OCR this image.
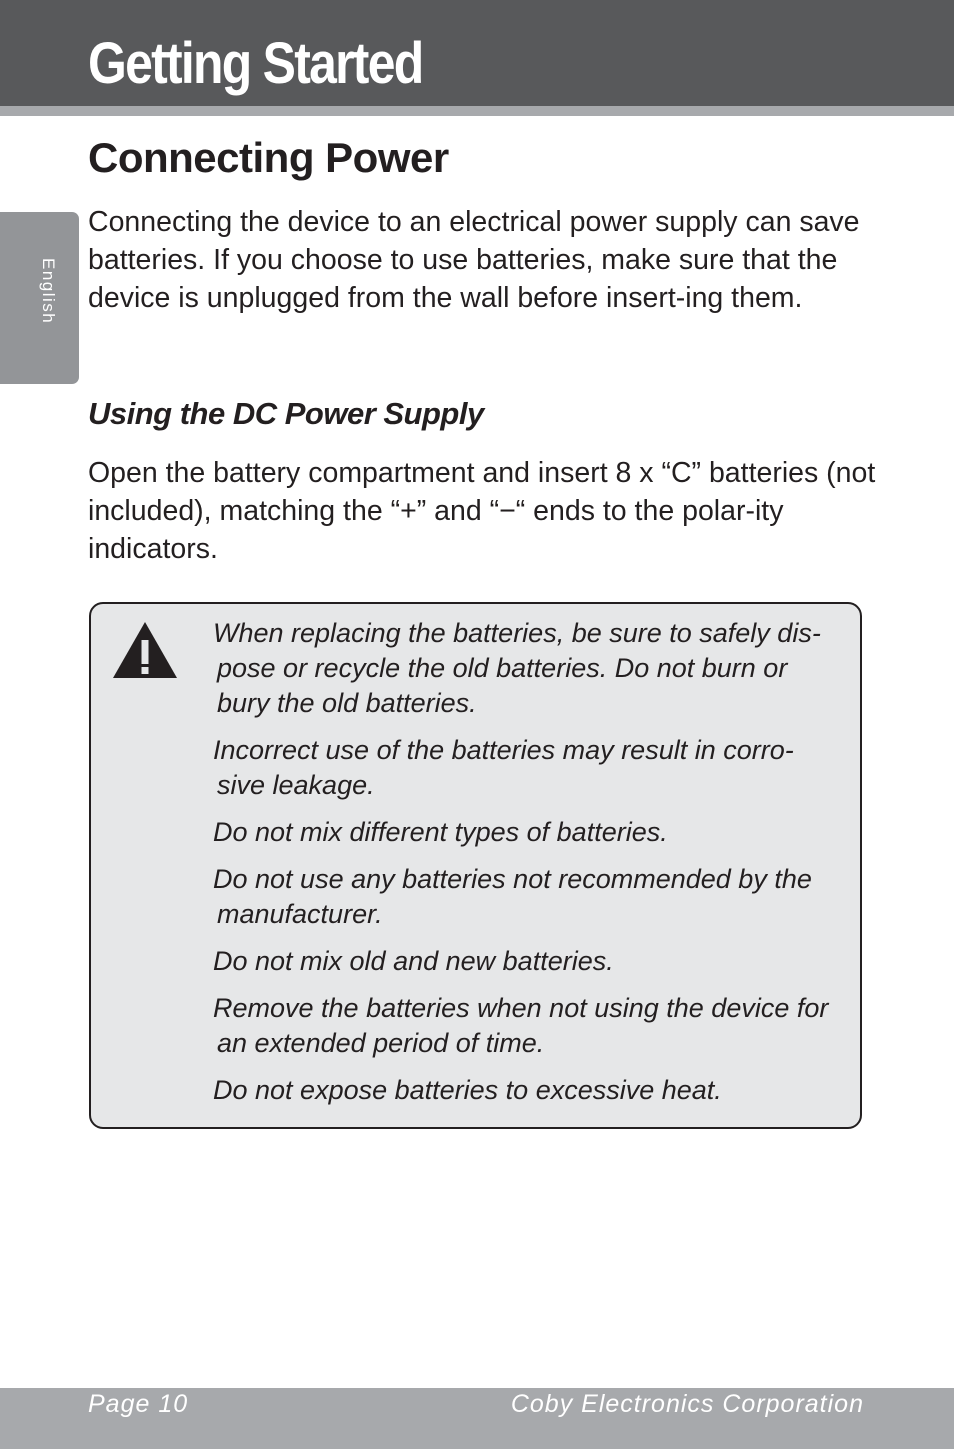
Getting Started
English
Connecting Power

Connecting the device to an electrical power supply can save batteries. If you choose to use batteries, make sure that the device is unplugged from the wall before insert-ing them.

Using the DC Power Supply

Open the battery compartment and insert 8 x “C” batteries (not included), matching the “+” and “−“ ends to the polar-ity indicators.

When replacing the batteries, be sure to safely dis-pose or recycle the old batteries. Do not burn or bury the old batteries.
Incorrect use of the batteries may result in corro-sive leakage.
Do not mix different types of batteries.
Do not use any batteries not recommended by the manufacturer.
Do not mix old and new batteries.
Remove the batteries when not using the device for an extended period of time.
Do not expose batteries to excessive heat.
Page 10	Coby Electronics Corporation
